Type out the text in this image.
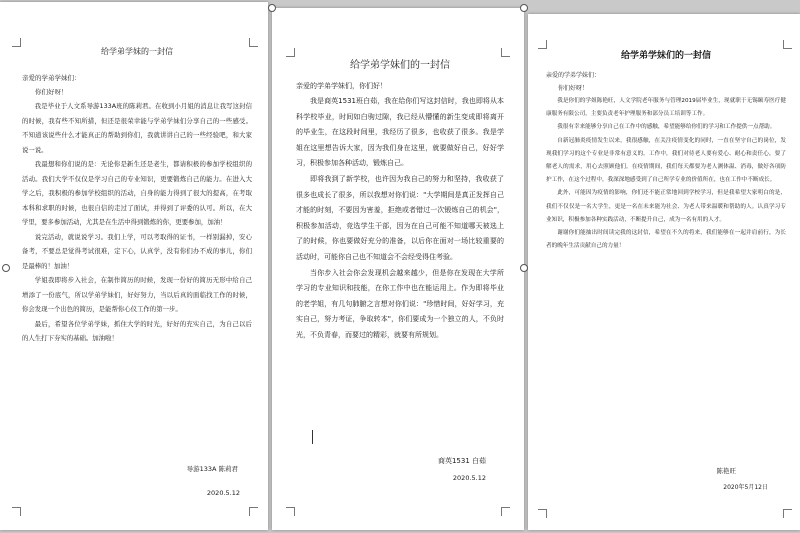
给学弟学妹的一封信
亲爱的学弟学妹们：
你们好呀！

我是毕业于人文系导游133A班的陈莉君。在收到小月姐的消息让我写这封信的时候，我有些不知所措，但还是很荣幸能与学弟学妹们分享自己的一些感受。不知道该说些什么才能真正的帮助到你们，我就讲讲自己的一些经验吧，和大家说一说。

我最想和你们说的是：无论你是新生还是老生，都请积极的参加学校组织的活动。我们大学不仅仅是学习自己的专业知识，更要锻炼自己的能力。在进入大学之后，我积极的参加学校组织的活动，自身的能力得到了很大的提高，在考取本科和求职的时候，也很自信的走过了面试，并得到了评委的认可。所以，在大学里，要多参加活动，尤其是在生活中得到锻炼的你，更要参加，加油！

说完活动，就说说学习。我们上学，可以考取得的证书，一样别漏掉，安心备考，不要总是觉得考试很难，定下心，认真学，没有你们办不成的事儿，你们是最棒的！加油！

学姐我即将步入社会，在制作简历的时候，发现一份好的简历无形中给自己增添了一份底气，所以学弟学妹们，好好努力，当以后真的面临找工作的时候，你会发现一个出色的简历，是能帮你心仪工作的第一步。

最后，希望各位学弟学妹，抓住大学的时光，好好的充实自己，为自己以后的人生打下夯实的基础。加油啦！

导游133A 陈莉君
2020.5.12
给学弟学妹们的一封信
亲爱的学弟学妹们，你们好！

我是商英1531班白茹，我在给你们写这封信时，我也即将从本科学校毕业，时间如白驹过隙，我已经从懵懂的新生变成即将离开的毕业生，在这段时间里，我经历了很多，也收获了很多。我是学姐在这里想告诉大家，因为我们身在这里，就要做好自己，好好学习，积极参加各种活动，锻炼自己。

即将我到了新学校，也许因为我自己的努力和坚持，我收获了很多也成长了很多，所以我想对你们说："大学期间是真正发挥自己才能的时刻，不要因为害羞，拒绝或者错过一次锻炼自己的机会"，积极参加活动，竞选学生干部，因为在自己可能不知道哪天被选上了的时候，你也要做好充分的准备，以后你在面对一场比较重要的活动时，可能你自己也不知道会不会经受得住考验。

当你步入社会你会发现机会越来越少，但是你在发现在大学所学习的专业知识和技能，在你工作中也在能运用上。作为即将毕业的老学姐，有几句肺腑之言想对你们说："珍惜时间，好好学习，充实自己，努力考证，争取转本"，你们要成为一个独立的人，不负时光，不负青春，而要过的精彩，就要有所规划。

商英1531 白茹
2020.5.12
给学弟学妹们的一封信
亲爱的学弟学妹们：
你们好呀！

我是你们的学姐陈艳旺，人文学院老年服务与管理2019届毕业生，现就职于无锡颐寿医疗健康服务有限公司，主要负责老年护理服务和部分员工培训等工作。

我很有幸来能够分享自己在工作中的感触，希望能够给你们的学习和工作提供一点帮助。

自新冠肺炎疫情发生以来，我很感触，在关注疫情变化的同时，一直在坚守自己的岗位，发现我们学习的这个专业是非常有意义的。工作中，我们对待老人要有爱心、耐心和责任心，要了解老人的需求，用心去照顾他们。在疫情期间，我们每天都要为老人测体温、消毒，做好各项防护工作，在这个过程中，我深深地感受到了自己所学专业的价值所在，也在工作中不断成长。

此外，可能因为疫情的影响，你们还不能正常地回到学校学习，但是我希望大家明白的是，我们不仅仅是一名大学生，更是一名在未来能为社会、为老人带来温暖和帮助的人。认真学习专业知识，积极参加各种实践活动，不断提升自己，成为一名有用的人才。

谢谢你们能抽出时间读完我的这封信，希望在不久的将来，我们能够在一起并肩前行，为长者的晚年生活贡献自己的力量！

陈艳旺
2020年5月12日
